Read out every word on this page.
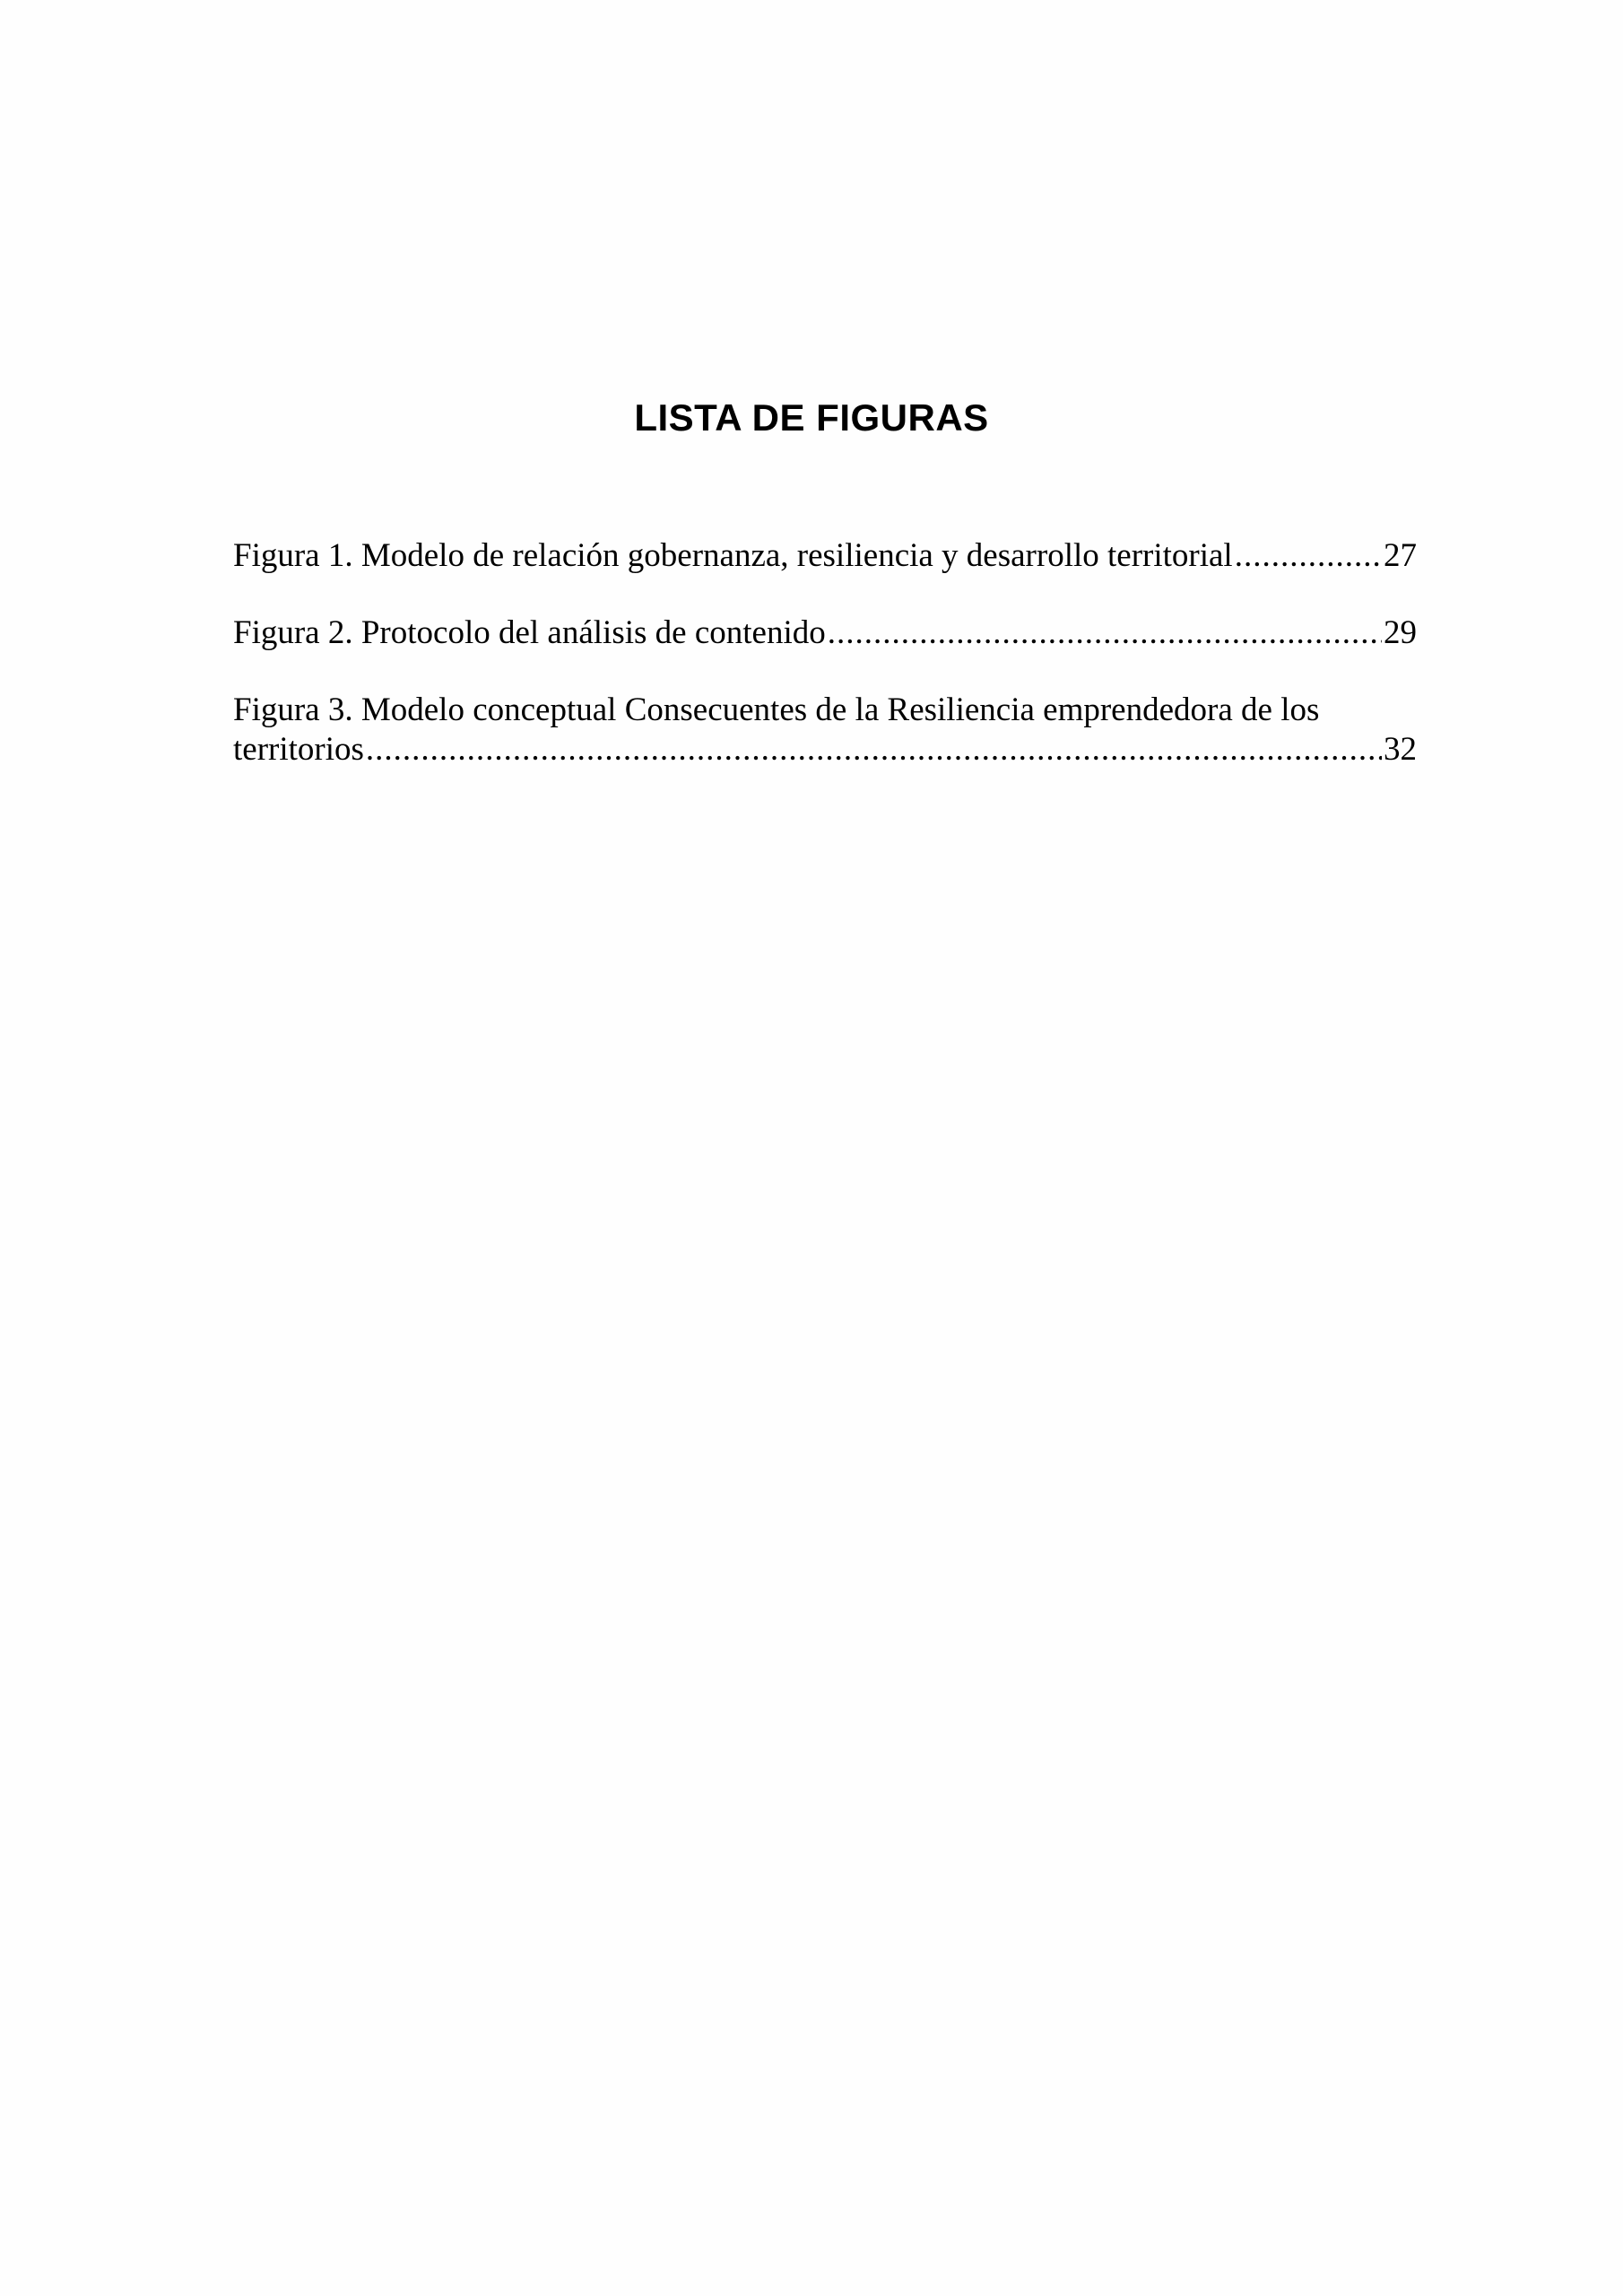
LISTA DE FIGURAS
Figura 1. Modelo de relación gobernanza, resiliencia y desarrollo territorial .....	27
Figura 2. Protocolo del análisis de contenido .....	29
Figura 3. Modelo conceptual Consecuentes de la Resiliencia emprendedora de los
territorios .....	32
